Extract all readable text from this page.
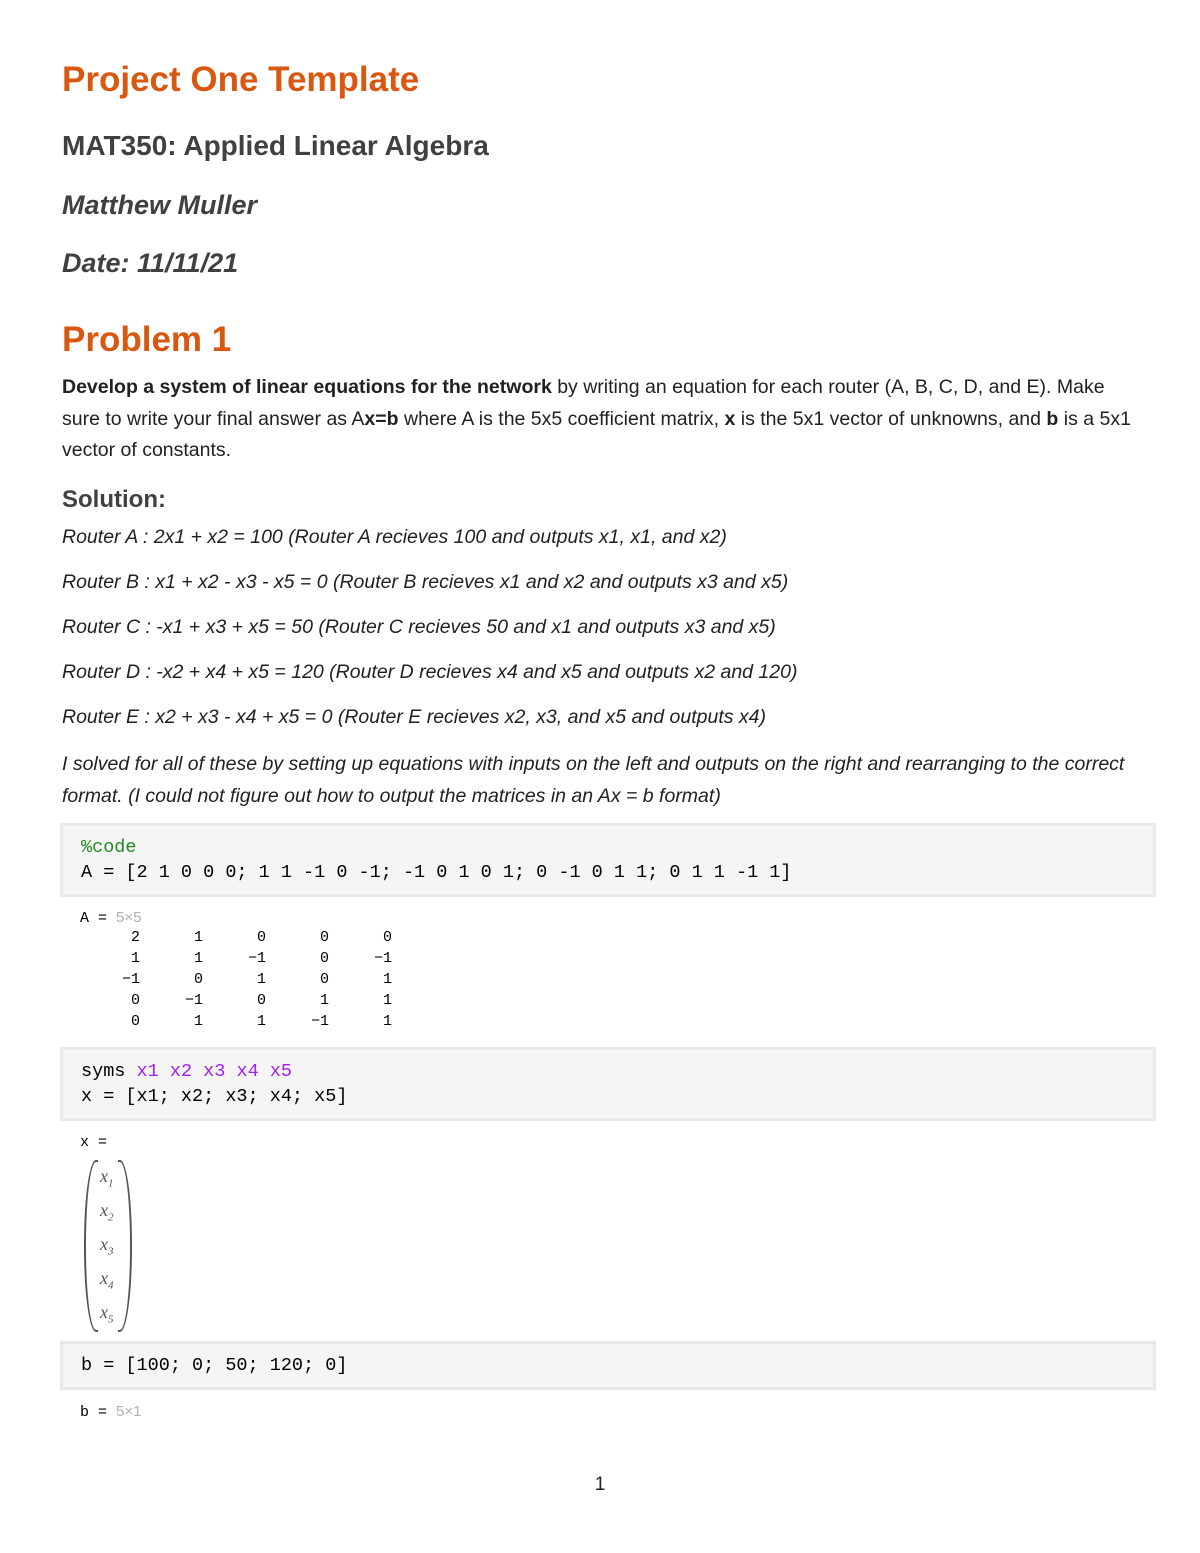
Project One Template
MAT350: Applied Linear Algebra
Matthew Muller
Date: 11/11/21
Problem 1
Develop a system of linear equations for the network by writing an equation for each router (A, B, C, D, and E). Make sure to write your final answer as Ax=b where A is the 5x5 coefficient matrix, x is the 5x1 vector of unknowns, and b is a 5x1 vector of constants.
Solution:
Router A : 2x1 + x2 = 100 (Router A recieves 100 and outputs x1, x1, and x2)
Router B : x1 + x2 - x3 - x5 = 0 (Router B recieves x1 and x2 and outputs x3 and x5)
Router C : -x1 + x3 + x5 = 50 (Router C recieves 50 and x1 and outputs x3 and x5)
Router D : -x2 + x4 + x5 = 120 (Router D recieves x4 and x5 and outputs x2 and 120)
Router E : x2 + x3 - x4 + x5 = 0 (Router E recieves x2, x3, and x5 and outputs x4)
I solved for all of these by setting up equations with inputs on the left and outputs on the right and rearranging to the correct format. (I could not figure out how to output the matrices in an Ax = b format)
%code
A = [2 1 0 0 0; 1 1 -1 0 -1; -1 0 1 0 1; 0 -1 0 1 1; 0 1 1 -1 1]
A = 5×5

2	1	0	0	0
1	1	−1	0	−1
−1	0	1	0	1
0	−1	0	1	1
0	1	1	−1	1
syms x1 x2 x3 x4 x5
x = [x1; x2; x3; x4; x5]
x =
$x_1$
$x_2$
$x_3$
$x_4$
$x_5$
b = [100; 0; 50; 120; 0]
b = 5×1
1
